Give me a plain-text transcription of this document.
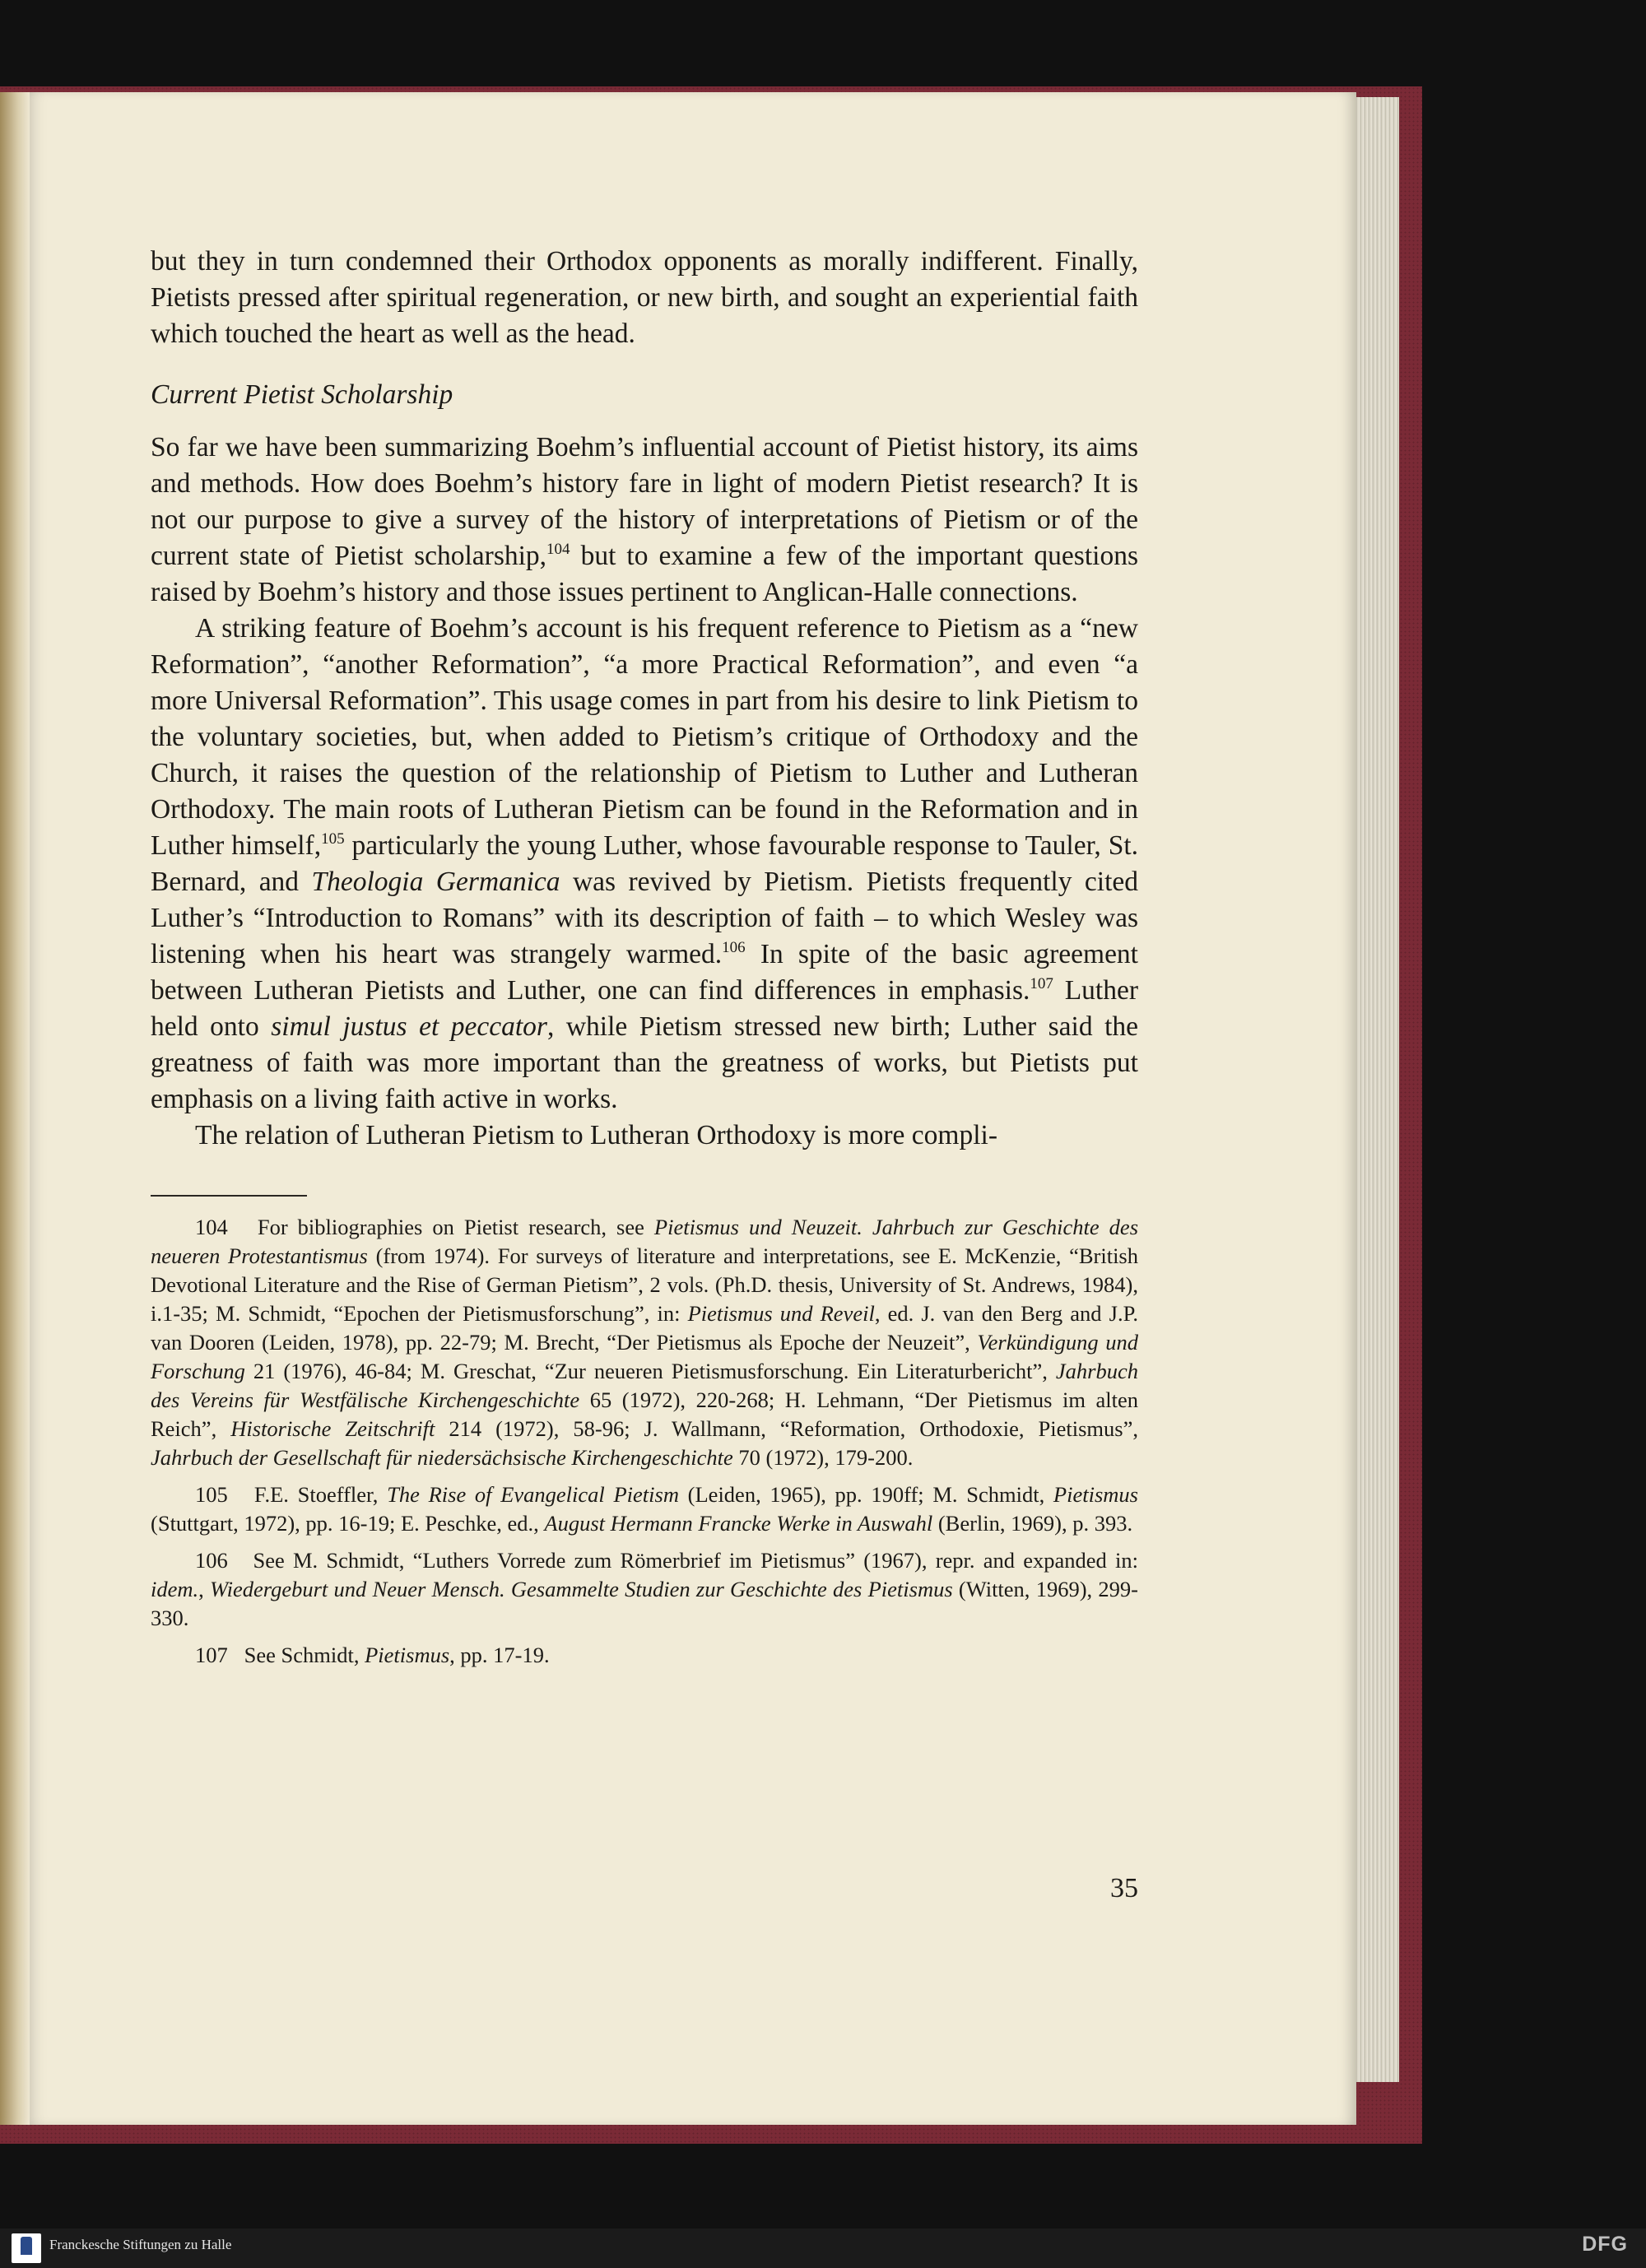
but they in turn condemned their Orthodox opponents as morally indifferent. Finally, Pietists pressed after spiritual regeneration, or new birth, and sought an experiential faith which touched the heart as well as the head.

Current Pietist Scholarship

So far we have been summarizing Boehm’s influential account of Pietist history, its aims and methods. How does Boehm’s history fare in light of modern Pietist research? It is not our purpose to give a survey of the history of interpretations of Pietism or of the current state of Pietist scholarship,$^{104}$ but to examine a few of the important questions raised by Boehm’s history and those issues pertinent to Anglican-Halle connections.

A striking feature of Boehm’s account is his frequent reference to Pietism as a “new Reformation”, “another Reformation”, “a more Practical Reformation”, and even “a more Universal Reformation”. This usage comes in part from his desire to link Pietism to the voluntary societies, but, when added to Pietism’s critique of Orthodoxy and the Church, it raises the question of the relationship of Pietism to Luther and Lutheran Orthodoxy. The main roots of Lutheran Pietism can be found in the Reformation and in Luther himself,$^{105}$ particularly the young Luther, whose favourable response to Tauler, St. Bernard, and Theologia Germanica was revived by Pietism. Pietists frequently cited Luther’s “Introduction to Romans” with its description of faith – to which Wesley was listening when his heart was strangely warmed.$^{106}$ In spite of the basic agreement between Lutheran Pietists and Luther, one can find differences in emphasis.$^{107}$ Luther held onto simul justus et peccator, while Pietism stressed new birth; Luther said the greatness of faith was more important than the greatness of works, but Pietists put emphasis on a living faith active in works.

The relation of Lutheran Pietism to Lutheran Orthodoxy is more compli-

104 For bibliographies on Pietist research, see Pietismus und Neuzeit. Jahrbuch zur Geschichte des neueren Protestantismus (from 1974). For surveys of literature and interpretations, see E. McKenzie, “British Devotional Literature and the Rise of German Pietism”, 2 vols. (Ph.D. thesis, University of St. Andrews, 1984), i.1-35; M. Schmidt, “Epochen der Pietismusforschung”, in: Pietismus und Reveil, ed. J. van den Berg and J.P. van Dooren (Leiden, 1978), pp. 22-79; M. Brecht, “Der Pietismus als Epoche der Neuzeit”, Verkündigung und Forschung 21 (1976), 46-84; M. Greschat, “Zur neueren Pietismusforschung. Ein Literaturbericht”, Jahrbuch des Vereins für Westfälische Kirchengeschichte 65 (1972), 220-268; H. Lehmann, “Der Pietismus im alten Reich”, Historische Zeitschrift 214 (1972), 58-96; J. Wallmann, “Reformation, Orthodoxie, Pietismus”, Jahrbuch der Gesellschaft für niedersächsische Kirchengeschichte 70 (1972), 179-200.

105 F.E. Stoeffler, The Rise of Evangelical Pietism (Leiden, 1965), pp. 190ff; M. Schmidt, Pietismus (Stuttgart, 1972), pp. 16-19; E. Peschke, ed., August Hermann Francke Werke in Auswahl (Berlin, 1969), p. 393.

106 See M. Schmidt, “Luthers Vorrede zum Römerbrief im Pietismus” (1967), repr. and expanded in: idem., Wiedergeburt und Neuer Mensch. Gesammelte Studien zur Geschichte des Pietismus (Witten, 1969), 299-330.

107 See Schmidt, Pietismus, pp. 17-19.

35
Franckesche Stiftungen zu Halle	DFG
